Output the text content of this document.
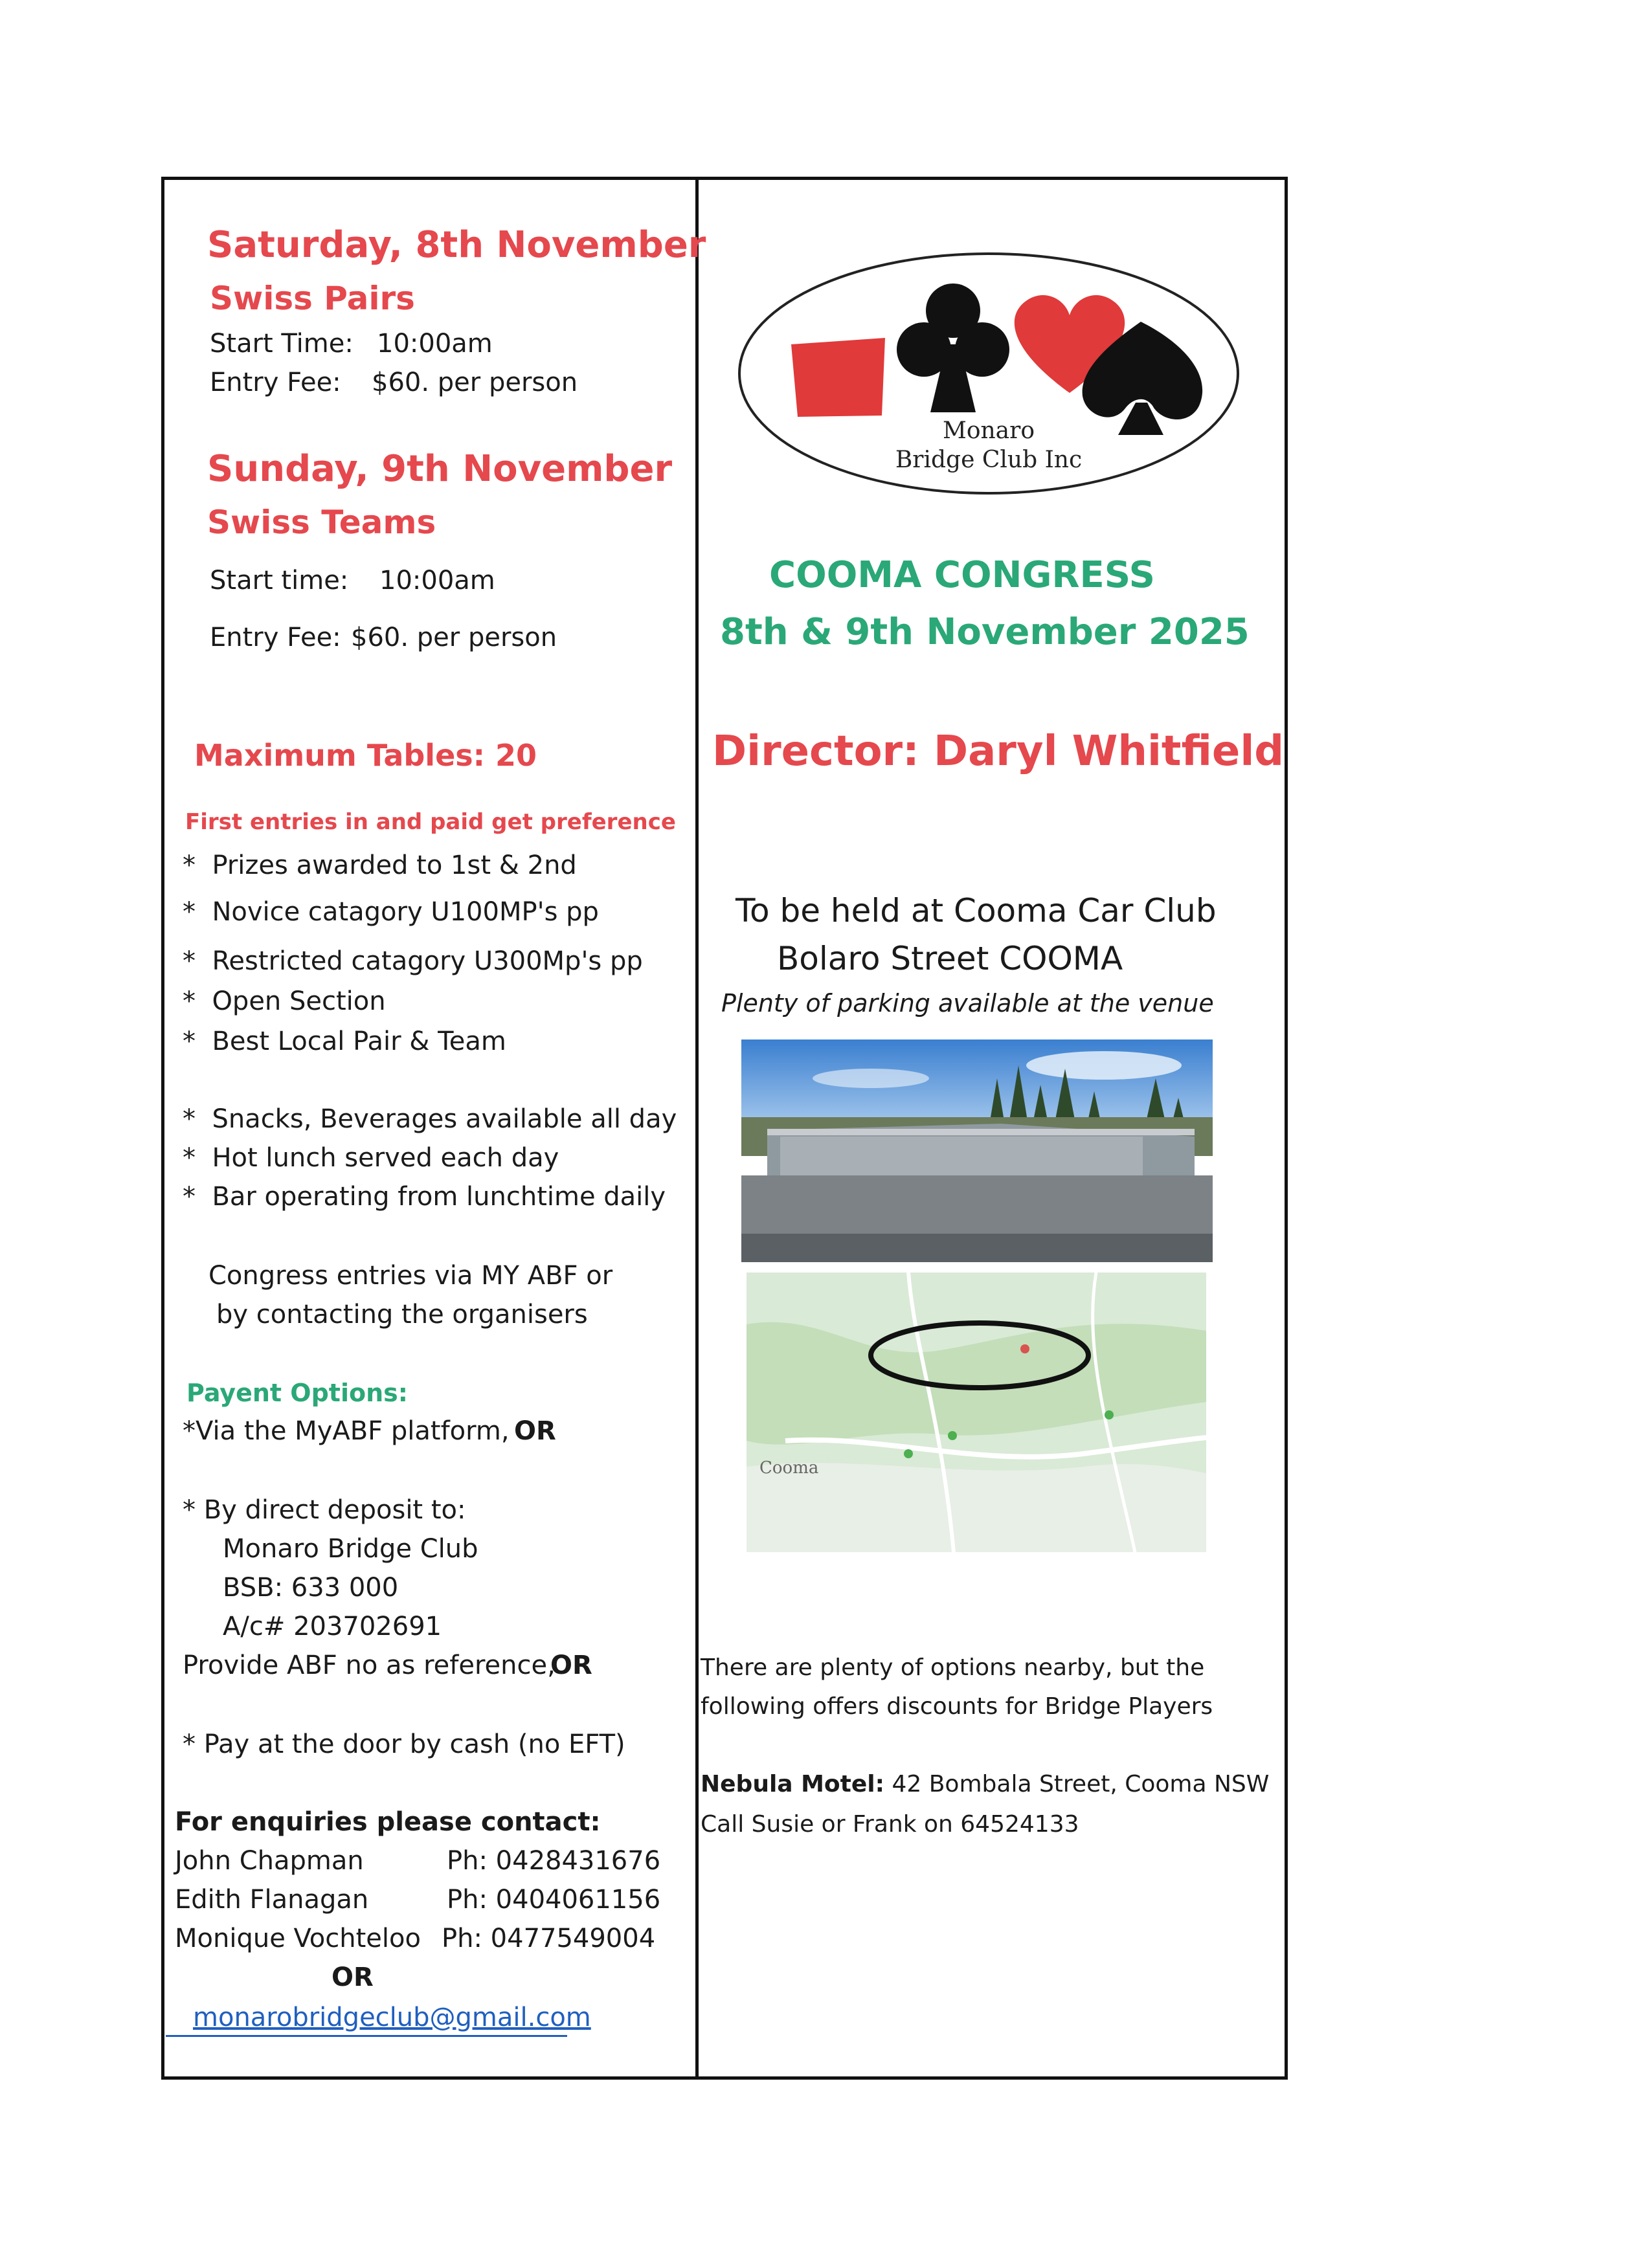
Saturday, 8th November
Swiss Pairs
Start Time: 10:00am
Entry Fee: $60. per person
Sunday, 9th November
Swiss Teams
Start time: 10:00am
Entry Fee: $60. per person
Maximum Tables: 20
First entries in and paid get preference
*  Prizes awarded to 1st & 2nd
*  Novice catagory U100MP's pp
*  Restricted catagory U300Mp's pp
*  Open Section
*  Best Local Pair & Team
*  Snacks, Beverages available all day
*  Hot lunch served each day
*  Bar operating from lunchtime daily
Congress entries via MY ABF or
by contacting the organisers
Payent Options:
*Via the MyABF platform, OR
* By direct deposit to:
Monaro Bridge Club
BSB: 633 000
A/c# 203702691
Provide ABF no as reference,
OR
* Pay at the door by cash (no EFT)
For enquiries please contact:
John Chapman	Ph: 0428431676
Edith Flanagan	Ph: 0404061156
Monique Vochteloo Ph: 0477549004
OR
monarobridgeclub@gmail.com
Monaro
Bridge Club Inc
COOMA CONGRESS
8th & 9th November 2025
Director: Daryl Whitfield
To be held at Cooma Car Club
Bolaro Street COOMA
Plenty of parking available at the venue
Cooma
There are plenty of options nearby, but the
following offers discounts for Bridge Players
Nebula Motel: 42 Bombala Street, Cooma NSW
Call Susie or Frank on 64524133
